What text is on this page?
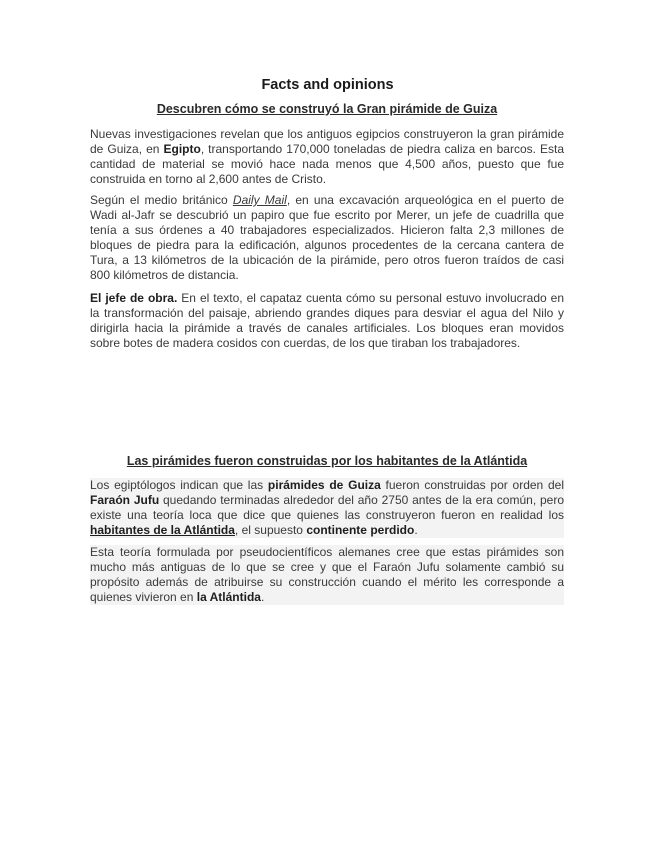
Facts and opinions
Descubren cómo se construyó la Gran pirámide de Guiza

Nuevas investigaciones revelan que los antiguos egipcios construyeron la gran pirámide de Guiza, en Egipto, transportando 170,000 toneladas de piedra caliza en barcos. Esta cantidad de material se movió hace nada menos que 4,500 años, puesto que fue construida en torno al 2,600 antes de Cristo.

Según el medio británico Daily Mail, en una excavación arqueológica en el puerto de Wadi al-Jafr se descubrió un papiro que fue escrito por Merer, un jefe de cuadrilla que tenía a sus órdenes a 40 trabajadores especializados. Hicieron falta 2,3 millones de bloques de piedra para la edificación, algunos procedentes de la cercana cantera de Tura, a 13 kilómetros de la ubicación de la pirámide, pero otros fueron traídos de casi 800 kilómetros de distancia.

El jefe de obra. En el texto, el capataz cuenta cómo su personal estuvo involucrado en la transformación del paisaje, abriendo grandes diques para desviar el agua del Nilo y dirigirla hacia la pirámide a través de canales artificiales. Los bloques eran movidos sobre botes de madera cosidos con cuerdas, de los que tiraban los trabajadores.

Las pirámides fueron construidas por los habitantes de la Atlántida

Los egiptólogos indican que las pirámides de Guiza fueron construidas por orden del Faraón Jufu quedando terminadas alrededor del año 2750 antes de la era común, pero existe una teoría loca que dice que quienes las construyeron fueron en realidad los habitantes de la Atlántida, el supuesto continente perdido.

Esta teoría formulada por pseudocientíficos alemanes cree que estas pirámides son mucho más antiguas de lo que se cree y que el Faraón Jufu solamente cambió su propósito además de atribuirse su construcción cuando el mérito les corresponde a quienes vivieron en la Atlántida.
